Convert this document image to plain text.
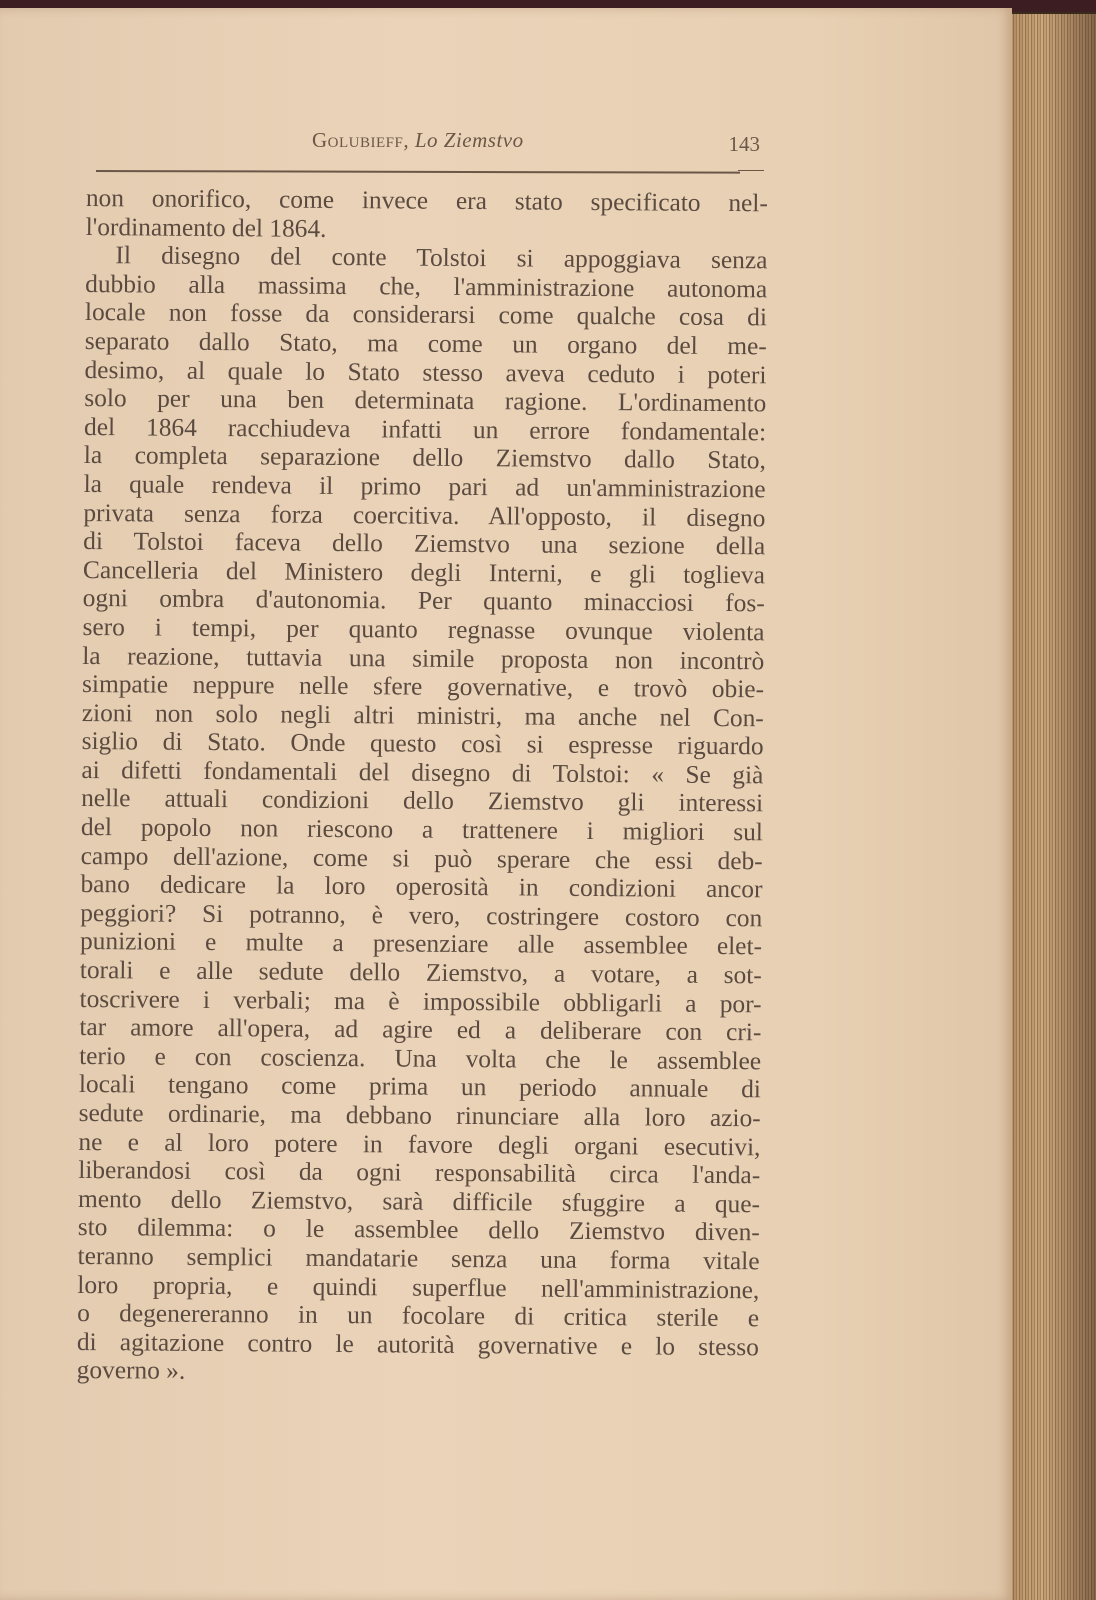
Golubieff, Lo Ziemstvo	143
non onorifico, come invece era stato specificato nel-
l'ordinamento del 1864.
Il disegno del conte Tolstoi si appoggiava senza
dubbio alla massima che, l'amministrazione autonoma
locale non fosse da considerarsi come qualche cosa di
separato dallo Stato, ma come un organo del me-
desimo, al quale lo Stato stesso aveva ceduto i poteri
solo per una ben determinata ragione. L'ordinamento
del 1864 racchiudeva infatti un errore fondamentale:
la completa separazione dello Ziemstvo dallo Stato,
la quale rendeva il primo pari ad un'amministrazione
privata senza forza coercitiva. All'opposto, il disegno
di Tolstoi faceva dello Ziemstvo una sezione della
Cancelleria del Ministero degli Interni, e gli toglieva
ogni ombra d'autonomia. Per quanto minacciosi fos-
sero i tempi, per quanto regnasse ovunque violenta
la reazione, tuttavia una simile proposta non incontrò
simpatie neppure nelle sfere governative, e trovò obie-
zioni non solo negli altri ministri, ma anche nel Con-
siglio di Stato. Onde questo così si espresse riguardo
ai difetti fondamentali del disegno di Tolstoi: « Se già
nelle attuali condizioni dello Ziemstvo gli interessi
del popolo non riescono a trattenere i migliori sul
campo dell'azione, come si può sperare che essi deb-
bano dedicare la loro operosità in condizioni ancor
peggiori? Si potranno, è vero, costringere costoro con
punizioni e multe a presenziare alle assemblee elet-
torali e alle sedute dello Ziemstvo, a votare, a sot-
toscrivere i verbali; ma è impossibile obbligarli a por-
tar amore all'opera, ad agire ed a deliberare con cri-
terio e con coscienza. Una volta che le assemblee
locali tengano come prima un periodo annuale di
sedute ordinarie, ma debbano rinunciare alla loro azio-
ne e al loro potere in favore degli organi esecutivi,
liberandosi così da ogni responsabilità circa l'anda-
mento dello Ziemstvo, sarà difficile sfuggire a que-
sto dilemma: o le assemblee dello Ziemstvo diven-
teranno semplici mandatarie senza una forma vitale
loro propria, e quindi superflue nell'amministrazione,
o degenereranno in un focolare di critica sterile e
di agitazione contro le autorità governative e lo stesso
governo ».
